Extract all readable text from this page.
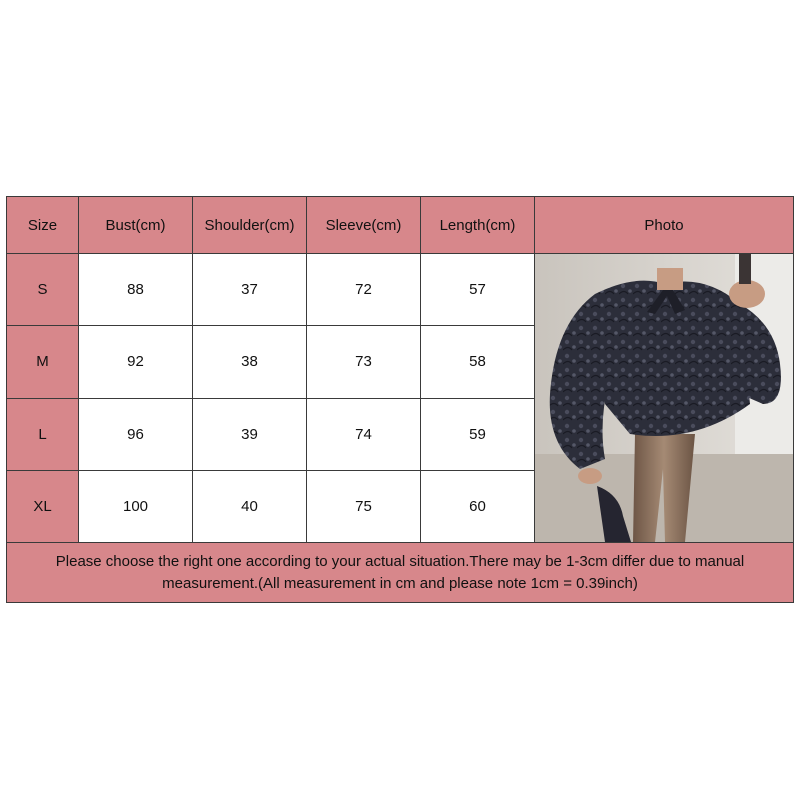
Size	Bust(cm)	Shoulder(cm)	Sleeve(cm)	Length(cm)	Photo
S	88	37	72	57	

M	92	38	73	58	
L	96	39	74	59	
XL	100	40	75	60	
Please choose the right one according to your actual situation.There may be 1-3cm differ due to manual measurement.(All measurement in cm and please note 1cm = 0.39inch)					
